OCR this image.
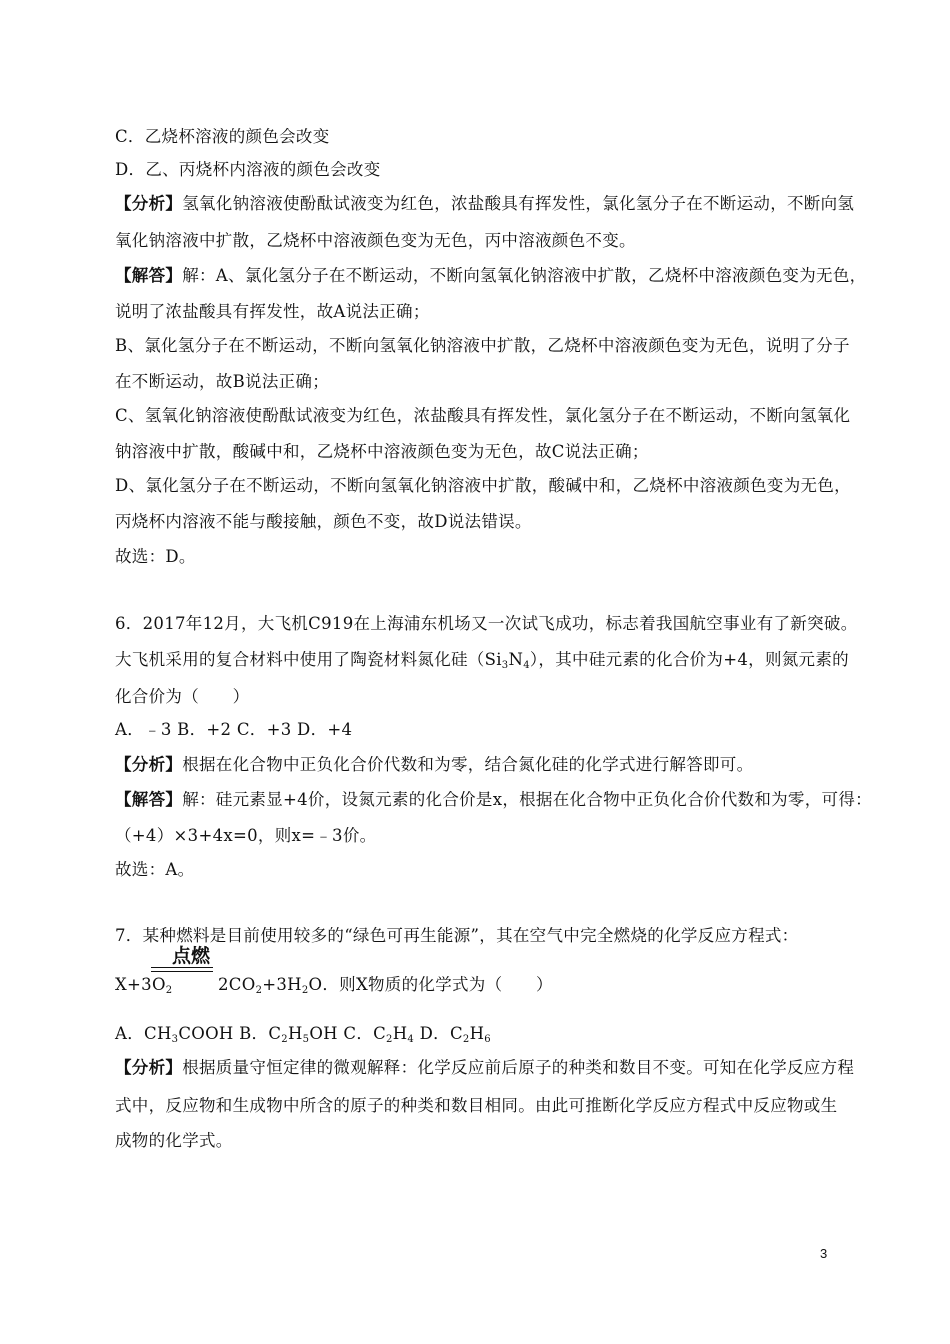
C．乙烧杯溶液的颜色会改变
D．乙、丙烧杯内溶液的颜色会改变
【分析】氢氧化钠溶液使酚酞试液变为红色，浓盐酸具有挥发性，氯化氢分子在不断运动，不断向氢
氧化钠溶液中扩散，乙烧杯中溶液颜色变为无色，丙中溶液颜色不变。
【解答】解：A、氯化氢分子在不断运动，不断向氢氧化钠溶液中扩散，乙烧杯中溶液颜色变为无色，
说明了浓盐酸具有挥发性，故A说法正确；
B、氯化氢分子在不断运动，不断向氢氧化钠溶液中扩散，乙烧杯中溶液颜色变为无色，说明了分子
在不断运动，故B说法正确；
C、氢氧化钠溶液使酚酞试液变为红色，浓盐酸具有挥发性，氯化氢分子在不断运动，不断向氢氧化
钠溶液中扩散，酸碱中和，乙烧杯中溶液颜色变为无色，故C说法正确；
D、氯化氢分子在不断运动，不断向氢氧化钠溶液中扩散，酸碱中和，乙烧杯中溶液颜色变为无色，
丙烧杯内溶液不能与酸接触，颜色不变，故D说法错误。
故选：D。
6．2017年12月，大飞机C919在上海浦东机场又一次试飞成功，标志着我国航空事业有了新突破。
大飞机采用的复合材料中使用了陶瓷材料氮化硅$(Si_3N_4)$，其中硅元素的化合价为+4，则氮元素的
化合价为（　　）
A．﹣3 B．+2 C．+3 D．+4
【分析】根据在化合物中正负化合价代数和为零，结合氮化硅的化学式进行解答即可。
【解答】解：硅元素显+4价，设氮元素的化合价是x，根据在化合物中正负化合价代数和为零，可得：
（+4）×3+4x=0，则x=﹣3价。
故选：A。
7．某种燃料是目前使用较多的“绿色可再生能源”，其在空气中完全燃烧的化学反应方程式：
点燃
$X+3O_2$	$2CO_2+3H_2O$．则X物质的化学式为（　　）
A．$CH_3COOH$ B．$C_2H_5OH$ C．$C_2H_4$ D．$C_2H_6$
【分析】根据质量守恒定律的微观解释：化学反应前后原子的种类和数目不变。可知在化学反应方程
式中，反应物和生成物中所含的原子的种类和数目相同。由此可推断化学反应方程式中反应物或生
成物的化学式。
3
